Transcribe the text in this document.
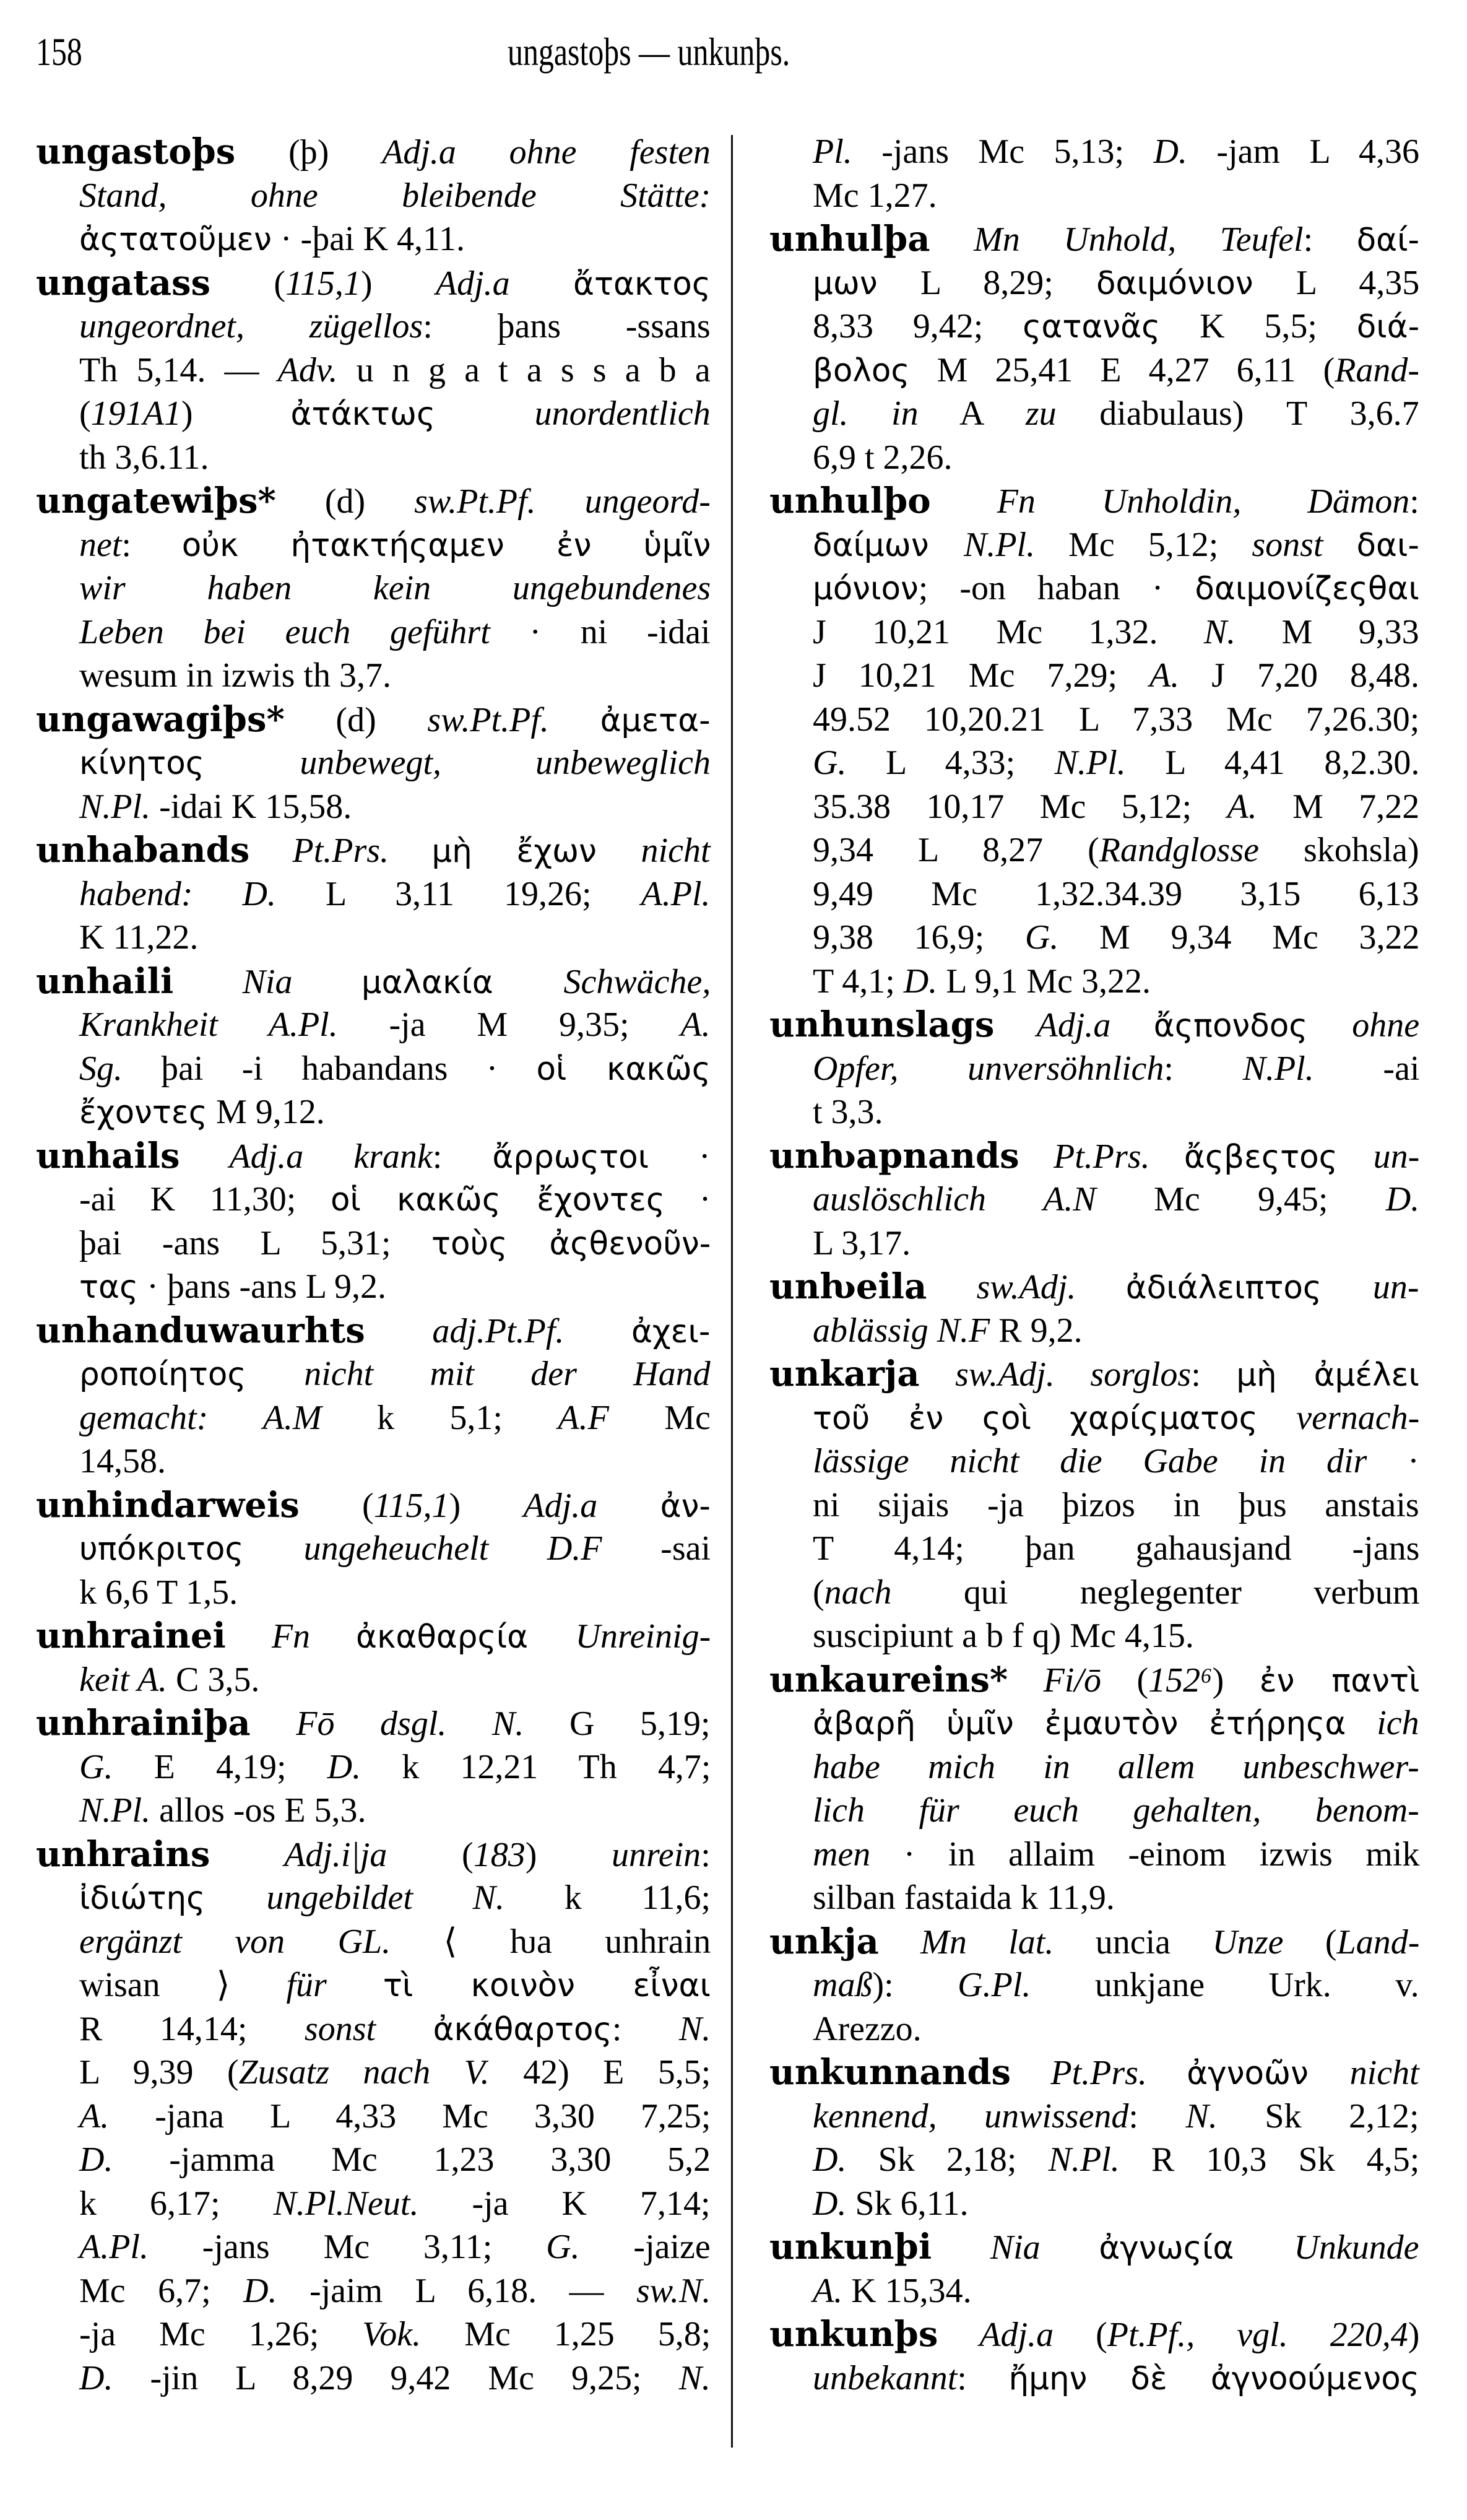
158	ungastoþs — unkunþs.
ungastoþs (þ) Adj.a ohne festen
Stand, ohne bleibende Stätte:
ἀςτατοῦμεν · -þai K 4,11.
ungatass (115,1) Adj.a ἄτακτος
ungeordnet, zügellos: þans -ssans
Th 5,14. — Adv. u n g a t a s s a b a
(191A1) ἀτάκτως unordentlich
th 3,6.11.
ungatewiþs* (d) sw.Pt.Pf. ungeord-
net: οὐκ ἠτακτήςαμεν ἐν ὑμῖν
wir haben kein ungebundenes
Leben bei euch geführt · ni -idai
wesum in izwis th 3,7.
ungawagiþs* (d) sw.Pt.Pf. ἀμετα-
κίνητος unbewegt, unbeweglich
N.Pl. -idai K 15,58.
unhabands Pt.Prs. μὴ ἔχων nicht
habend: D. L 3,11 19,26; A.Pl.
K 11,22.
unhaili Nia μαλακία Schwäche,
Krankheit A.Pl. -ja M 9,35; A.
Sg. þai -i habandans · οἱ κακῶς
ἔχοντες M 9,12.
unhails Adj.a krank: ἄρρωςτοι ·
-ai K 11,30; οἱ κακῶς ἔχοντες ·
þai -ans L 5,31; τοὺς ἀςθενοῦν-
τας · þans -ans L 9,2.
unhanduwaurhts adj.Pt.Pf. ἀχει-
ροποίητος nicht mit der Hand
gemacht: A.M k 5,1; A.F Mc
14,58.
unhindarweis (115,1) Adj.a ἀν-
υπόκριτος ungeheuchelt D.F -sai
k 6,6 T 1,5.
unhrainei Fn ἀκαθαρςία Unreinig-
keit A. C 3,5.
unhrainiþa Fō dsgl. N. G 5,19;
G. E 4,19; D. k 12,21 Th 4,7;
N.Pl. allos -os E 5,3.
unhrains Adj.i|ja (183) unrein:
ἰδιώτης ungebildet N. k 11,6;
ergänzt von GL. ⟨ ƕa unhrain
wisan ⟩ für τὶ κοινὸν εἶναι
R 14,14; sonst ἀκάθαρτος: N.
L 9,39 (Zusatz nach V. 42) E 5,5;
A. -jana L 4,33 Mc 3,30 7,25;
D. -jamma Mc 1,23 3,30 5,2
k 6,17; N.Pl.Neut. -ja K 7,14;
A.Pl. -jans Mc 3,11; G. -jaize
Mc 6,7; D. -jaim L 6,18. — sw.N.
-ja Mc 1,26; Vok. Mc 1,25 5,8;
D. -jin L 8,29 9,42 Mc 9,25; N.
Pl. -jans Mc 5,13; D. -jam L 4,36
Mc 1,27.
unhulþa Mn Unhold, Teufel: δαί-
μων L 8,29; δαιμόνιον L 4,35
8,33 9,42; ςατανᾶς K 5,5; διά-
βολος M 25,41 E 4,27 6,11 (Rand-
gl. in A zu diabulaus) T 3,6.7
6,9 t 2,26.
unhulþo Fn Unholdin, Dämon:
δαίμων N.Pl. Mc 5,12; sonst δαι-
μόνιον; -on haban · δαιμονίζεςθαι
J 10,21 Mc 1,32. N. M 9,33
J 10,21 Mc 7,29; A. J 7,20 8,48.
49.52 10,20.21 L 7,33 Mc 7,26.30;
G. L 4,33; N.Pl. L 4,41 8,2.30.
35.38 10,17 Mc 5,12; A. M 7,22
9,34 L 8,27 (Randglosse skohsla)
9,49 Mc 1,32.34.39 3,15 6,13
9,38 16,9; G. M 9,34 Mc 3,22
T 4,1; D. L 9,1 Mc 3,22.
unhunslags Adj.a ἄςπονδος ohne
Opfer, unversöhnlich: N.Pl. -ai
t 3,3.
unƕapnands Pt.Prs. ἄςβεςτος un-
auslöschlich A.N Mc 9,45; D.
L 3,17.
unƕeila sw.Adj. ἀδιάλειπτος un-
ablässig N.F R 9,2.
unkarja sw.Adj. sorglos: μὴ ἀμέλει
τοῦ ἐν ςοὶ χαρίςματος vernach-
lässige nicht die Gabe in dir ·
ni sijais -ja þizos in þus anstais
T 4,14; þan gahausjand -jans
(nach qui neglegenter verbum
suscipiunt a b f q) Mc 4,15.
unkaureins* Fi/ō (152⁶) ἐν παντὶ
ἀβαρῆ ὑμῖν ἐμαυτὸν ἐτήρηςα ich
habe mich in allem unbeschwer-
lich für euch gehalten, benom-
men · in allaim -einom izwis mik
silban fastaida k 11,9.
unkja Mn lat. uncia Unze (Land-
maß): G.Pl. unkjane Urk. v.
Arezzo.
unkunnands Pt.Prs. ἀγνοῶν nicht
kennend, unwissend: N. Sk 2,12;
D. Sk 2,18; N.Pl. R 10,3 Sk 4,5;
D. Sk 6,11.
unkunþi Nia ἀγνωςία Unkunde
A. K 15,34.
unkunþs Adj.a (Pt.Pf., vgl. 220,4)
unbekannt: ἤμην δὲ ἀγνοούμενος
